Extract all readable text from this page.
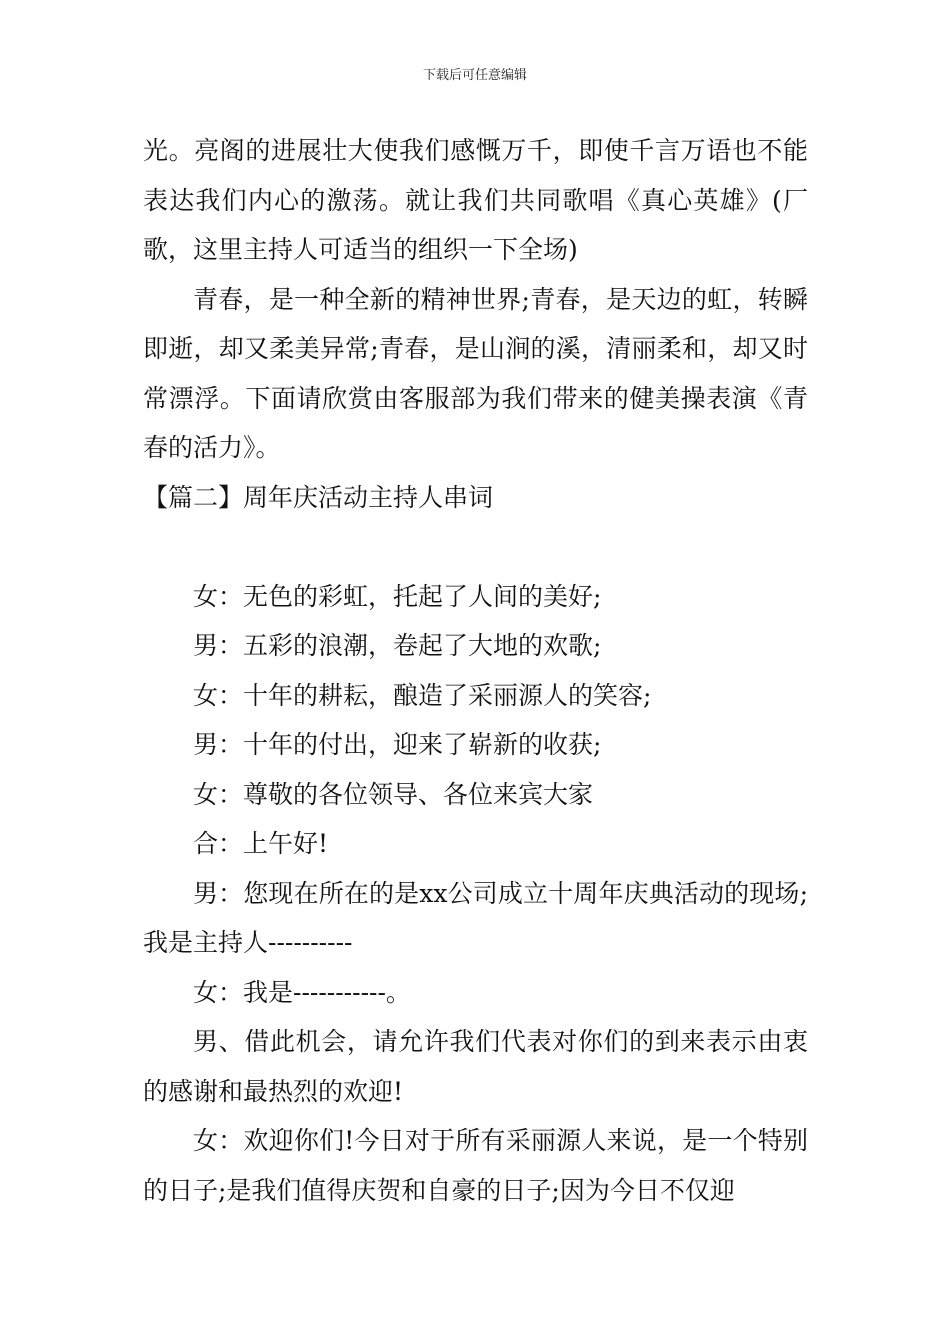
下载后可任意编辑

光。亮阁的进展壮大使我们感慨万千，即使千言万语也不能表达我们内心的激荡。就让我们共同歌唱《真心英雄》(厂歌，这里主持人可适当的组织一下全场)

青春，是一种全新的精神世界;青春，是天边的虹，转瞬即逝，却又柔美异常;青春，是山涧的溪，清丽柔和，却又时常漂浮。下面请欣赏由客服部为我们带来的健美操表演《青春的活力》。

【篇二】周年庆活动主持人串词

女：无色的彩虹，托起了人间的美好;

男：五彩的浪潮，卷起了大地的欢歌;

女：十年的耕耘，酿造了采丽源人的笑容;

男：十年的付出，迎来了崭新的收获;

女：尊敬的各位领导、各位来宾大家

合：上午好!

男：您现在所在的是xx公司成立十周年庆典活动的现场;我是主持人----------

女：我是-----------。

男、借此机会，请允许我们代表对你们的到来表示由衷的感谢和最热烈的欢迎!

女：欢迎你们!今日对于所有采丽源人来说，是一个特别的日子;是我们值得庆贺和自豪的日子;因为今日不仅迎
